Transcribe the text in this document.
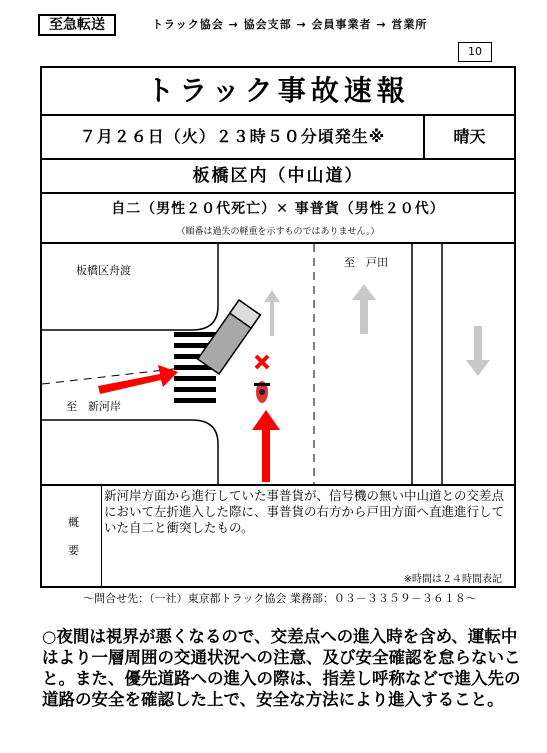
至急転送	トラック協会 → 協会支部 → 会員事業者 → 営業所
10
トラック事故速報
７月２６日（火）２３時５０分頃発生※	晴天
板橋区内（中山道）
自二（男性２０代死亡）✕ 事普貨（男性２０代）
（順番は過失の軽重を示すものではありません。）
板橋区舟渡
至　戸田
至　新河岸
概
要
新河岸方面から進行していた事普貨が、信号機の無い中山道との交差点において左折進入した際に、事普貨の右方から戸田方面へ直進進行していた自二と衝突したもの。
※時間は２４時間表記
～問合せ先：（一社）東京都トラック協会 業務部：０３－３３５９－３６１８～
○夜間は視界が悪くなるので、交差点への進入時を含め、運転中はより一層周囲の交通状況への注意、及び安全確認を怠らないこと。また、優先道路への進入の際は、指差し呼称などで進入先の道路の安全を確認した上で、安全な方法により進入すること。
